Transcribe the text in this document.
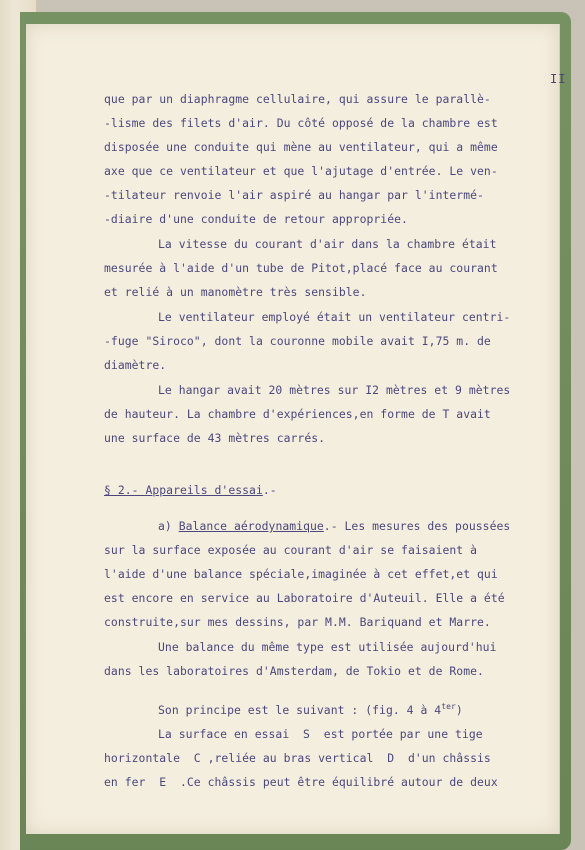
II
que par un diaphragme cellulaire, qui assure le parallè-
-lisme des filets d'air. Du côté opposé de la chambre est
disposée une conduite qui mène au ventilateur, qui a même
axe que ce ventilateur et que l'ajutage d'entrée. Le ven-
-tilateur renvoie l'air aspiré au hangar par l'intermé-
-diaire d'une conduite de retour appropriée.
La vitesse du courant d'air dans la chambre était
mesurée à l'aide d'un tube de Pitot,placé face au courant
et relié à un manomètre très sensible.
Le ventilateur employé était un ventilateur centri-
-fuge "Siroco", dont la couronne mobile avait I,75 m. de
diamètre.
Le hangar avait 20 mètres sur I2 mètres et 9 mètres
de hauteur. La chambre d'expériences,en forme de T avait
une surface de 43 mètres carrés.
§ 2.- Appareils d'essai.-
a) Balance aérodynamique.- Les mesures des poussées
sur la surface exposée au courant d'air se faisaient à
l'aide d'une balance spéciale,imaginée à cet effet,et qui
est encore en service au Laboratoire d'Auteuil. Elle a été
construite,sur mes dessins, par M.M. Bariquand et Marre.
Une balance du même type est utilisée aujourd'hui
dans les laboratoires d'Amsterdam, de Tokio et de Rome.
Son principe est le suivant : (fig. 4 à $4^{ter}$)
La surface en essai  S  est portée par une tige
horizontale  C ,reliée au bras vertical  D  d'un châssis
en fer  E  .Ce châssis peut être équilibré autour de deux
